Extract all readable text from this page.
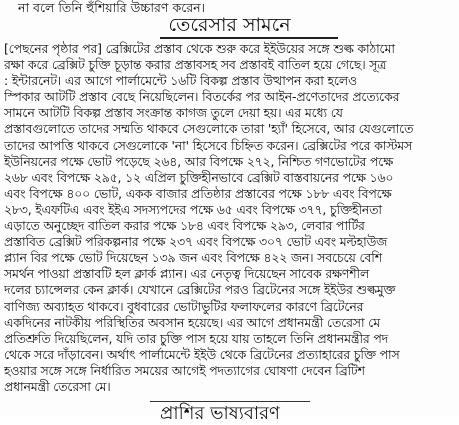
না বলে তিনি হুঁশিয়ারি উচ্চারণ করেন।
তেরেসার সামনে
[পেছনের পৃষ্ঠার পর] ব্রেক্সিটের প্রস্তাব থেকে শুরু করে ইইউয়ের সঙ্গে শুল্ক কাঠামো
রক্ষা করে ব্রেক্সিট চুক্তি চূড়ান্ত করার প্রস্তাবসহ সব প্রস্তাবই বাতিল হয়ে গেছে। সূত্র
: ইন্টারনেট। এর আগে পার্লামেন্টে ১৬টি বিকল্প প্রস্তাব উত্থাপন করা হলেও
স্পিকার আটটি প্রস্তাব বেছে নিয়েছিলেন। বিতর্কের পর আইন-প্রণেতাদের প্রত্যেকের
সামনে আটটি বিকল্প প্রস্তাব সংক্রান্ত কাগজ তুলে দেয়া হয়। এর মধ্যে যে
প্রস্তাবগুলোতে তাদের সম্মতি থাকবে সেগুলোকে তারা 'হ্যাঁ' হিসেবে, আর যেগুলোতে
তাদের আপত্তি থাকবে সেগুলোকে 'না' হিসেবে চিহ্নিত করেন। ব্রেক্সিটের পরে কাস্টমস
ইউনিয়নের পক্ষে ভোট পড়েছে ২৬৪, আর বিপক্ষে ২৭২, নিশ্চিত গণভোটের পক্ষে
২৬৮ এবং বিপক্ষে ২৯৫, ১২ এপ্রিল চুক্তিহীনভাবে ব্রেক্সিট বাস্তবায়নের পক্ষে ১৬০
এবং বিপক্ষে ৪০০ ভোট, একক বাজার প্রতিষ্ঠার প্রস্তাবের পক্ষে ১৮৮ এবং বিপক্ষে
২৮৩, ইএফটিএ এবং ইইএ সদস্যপদের পক্ষে ৬৫ এবং বিপক্ষে ৩৭৭, চুক্তিহীনতা
এড়াতে অনুচ্ছেদ বাতিল করার পক্ষে ১৮৪ এবং বিপক্ষে ২৯৩, লেবার পার্টির
প্রস্তাবিত ব্রেক্সিট পরিকল্পনার পক্ষে ২৩৭ এবং বিপক্ষে ৩০৭ ভোট এবং মল্টহাউজ
প্ল্যান বির পক্ষে ভোট দিয়েছেন ১৩৯ জন এবং বিপক্ষে ৪২২ জন। সবচেয়ে বেশি
সমর্থন পাওয়া প্রস্তাবটি হল ক্লার্ক প্ল্যান। এর নেতৃত্ব দিয়েছেন সাবেক রক্ষণশীল
দলের চ্যান্সেলর কেন ক্লার্ক। যেখানে ব্রেক্সিটের পরও ব্রিটেনের সঙ্গে ইইউর শুল্কমুক্ত
বাণিজ্য অব্যাহত থাকবে। বুধবারের ভোটাভুটির ফলাফলের কারণে ব্রিটেনের
একদিনের নাটকীয় পরিস্থিতির অবসান হয়েছে। এর আগে প্রধানমন্ত্রী তেরেসা মে
প্রতিশ্রুতি দিয়েছিলেন, যদি তার চুক্তি পাস হয়ে যায় তাহলে তিনি প্রধানমন্ত্রীর পদ
থেকে সরে দাঁড়াবেন। অর্থাৎ পার্লামেন্টে ইইউ থেকে ব্রিটেনের প্রত্যাহারের চুক্তি পাস
হওয়ার সঙ্গে সঙ্গে নির্ধারিত সময়ের আগেই পদত্যাগের ঘোষণা দেবেন ব্রিটিশ
প্রধানমন্ত্রী তেরেসা মে।
প্রাশির ভাষ্যবারণ
